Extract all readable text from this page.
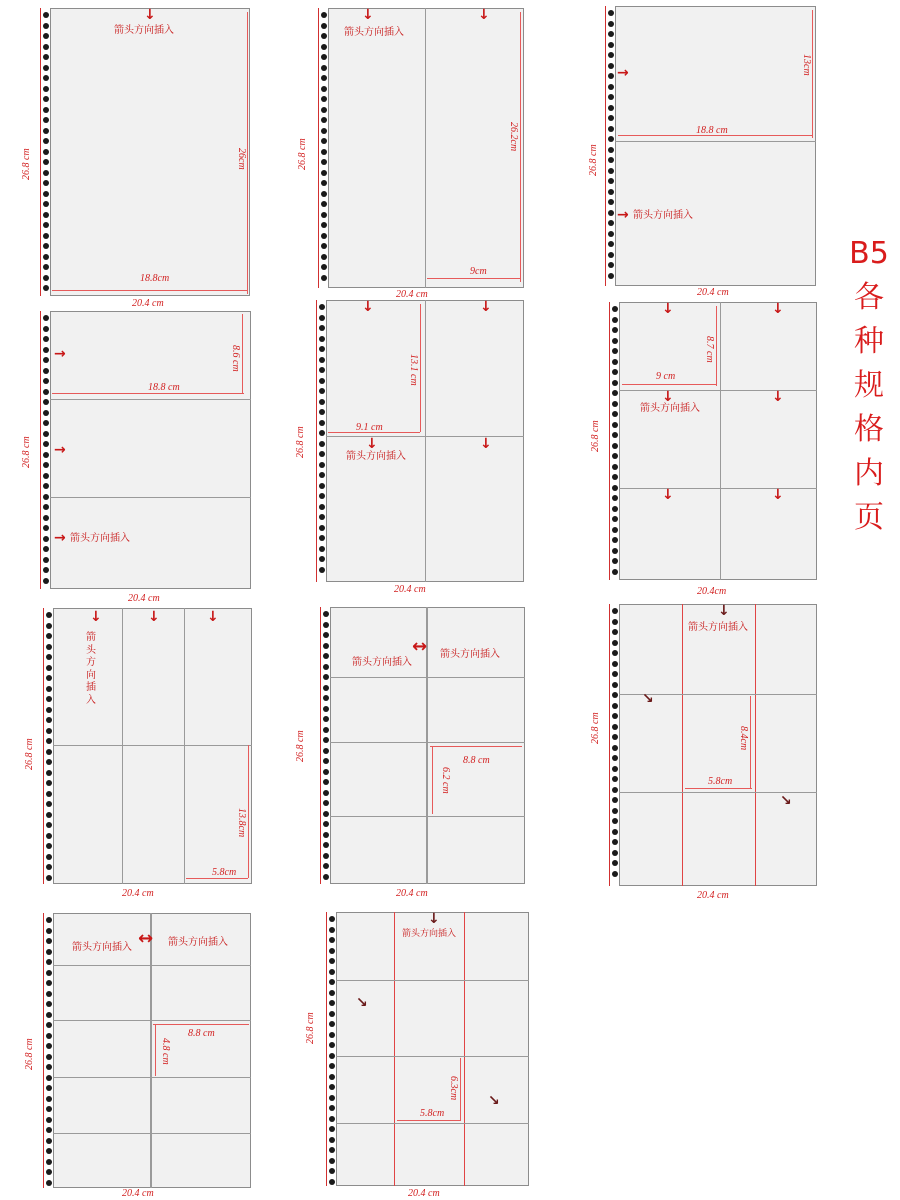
↓
箭头方向插入
26cm
18.8cm
26.8 cm
20.4 cm
↓	↓
箭头方向插入
26.2cm
9cm
26.8 cm
20.4 cm
→
→ 箭头方向插入
13cm
18.8 cm
26.8 cm
20.4 cm
B5
各
种
规
格
内
页
→
→
→ 箭头方向插入
8.6 cm
18.8 cm
26.8 cm
20.4 cm
↓	↓
↓	↓
箭头方向插入
13.1 cm
9.1 cm
26.8 cm
20.4 cm
↓	↓
↓	↓
↓	↓
箭头方向插入
8.7 cm
9 cm
26.8 cm
20.4cm
↓	↓	↓
箭
头
方
向
插
入
13.8cm
5.8cm
26.8 cm
20.4 cm
↔
箭头方向插入
箭头方向插入
8.8 cm
6.2 cm
26.8 cm
20.4 cm
↓
箭头方向插入
↘
↘
8.4cm
5.8cm
26.8 cm
20.4 cm
↔
箭头方向插入	箭头方向插入
8.8 cm
4.8 cm
26.8 cm
20.4 cm
↓
箭头方向插入
↘
↘
6.3cm
5.8cm
26.8 cm
20.4 cm
